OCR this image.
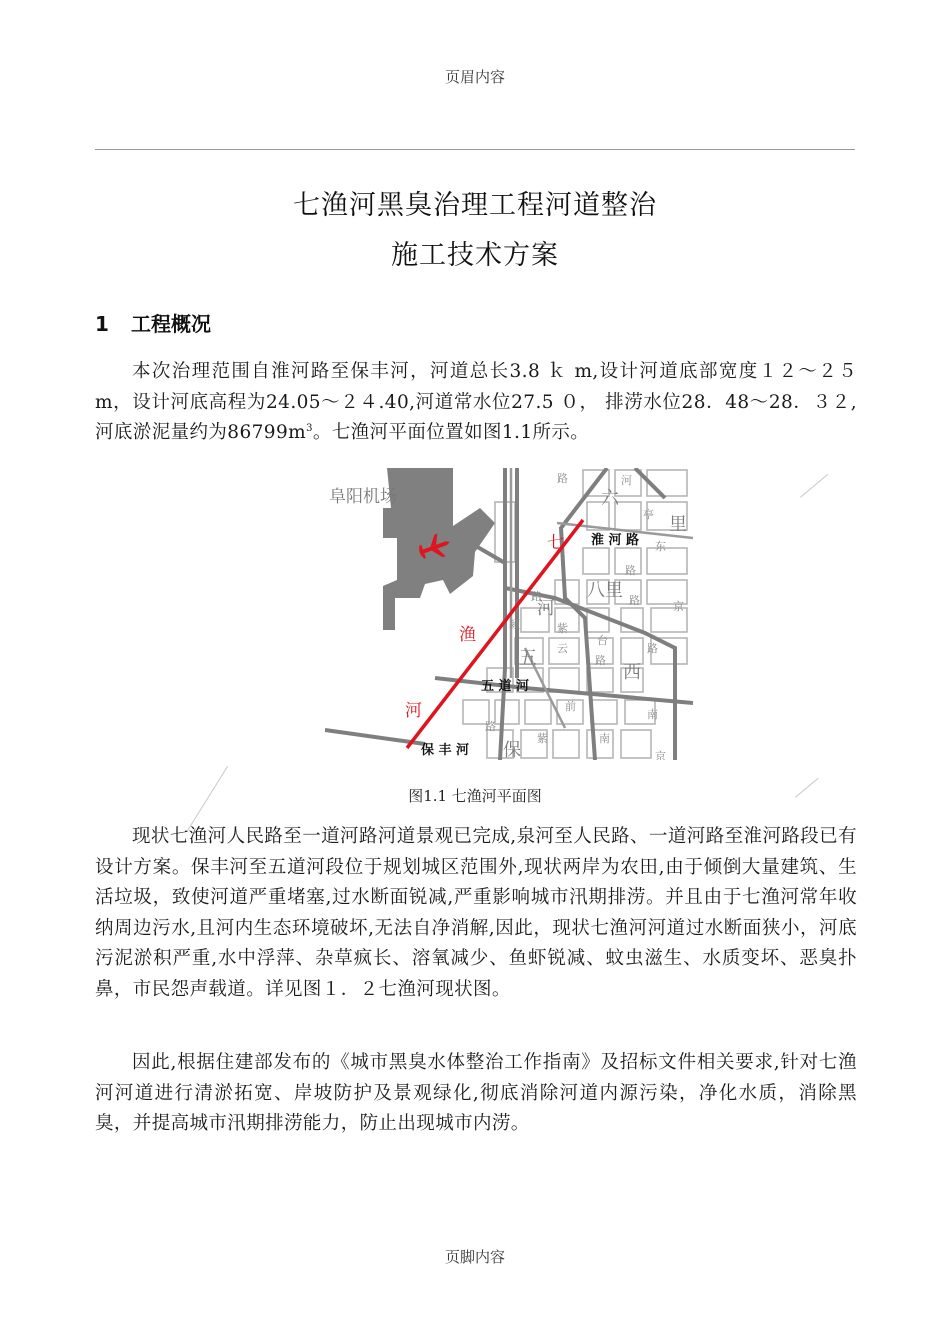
页眉内容
七渔河黑臭治理工程河道整治
施工技术方案
1 工程概况
本次治理范围自淮河路至保丰河，河道总长3.8 ｋ m,设计河道底部宽度１２～２５ m，设计河底高程为24.05～２４.40,河道常水位27.5 ０， 排涝水位28．48～28．３２,河底淤泥量约为$86799m^3$。七渔河平面位置如图1.1所示。
阜阳机场
七
渔
河
淮 河 路
五 道 河
保 丰 河
六
里
八里
西
五
河
保
河
亭
东
路
颍	紫
云
台
路
路
南
京
路
前
紫	南
路
路
京
路
图1.1 七渔河平面图
现状七渔河人民路至一道河路河道景观已完成,泉河至人民路、一道河路至淮河路段已有设计方案。保丰河至五道河段位于规划城区范围外,现状两岸为农田,由于倾倒大量建筑、生活垃圾，致使河道严重堵塞,过水断面锐减,严重影响城市汛期排涝。并且由于七渔河常年收纳周边污水,且河内生态环境破坏,无法自净消解,因此，现状七渔河河道过水断面狭小，河底污泥淤积严重,水中浮萍、杂草疯长、溶氧减少、鱼虾锐减、蚊虫滋生、水质变坏、恶臭扑鼻，市民怨声载道。详见图１．２七渔河现状图。
因此,根据住建部发布的《城市黑臭水体整治工作指南》及招标文件相关要求,针对七渔河河道进行清淤拓宽、岸坡防护及景观绿化,彻底消除河道内源污染，净化水质，消除黑臭，并提高城市汛期排涝能力，防止出现城市内涝。
页脚内容
